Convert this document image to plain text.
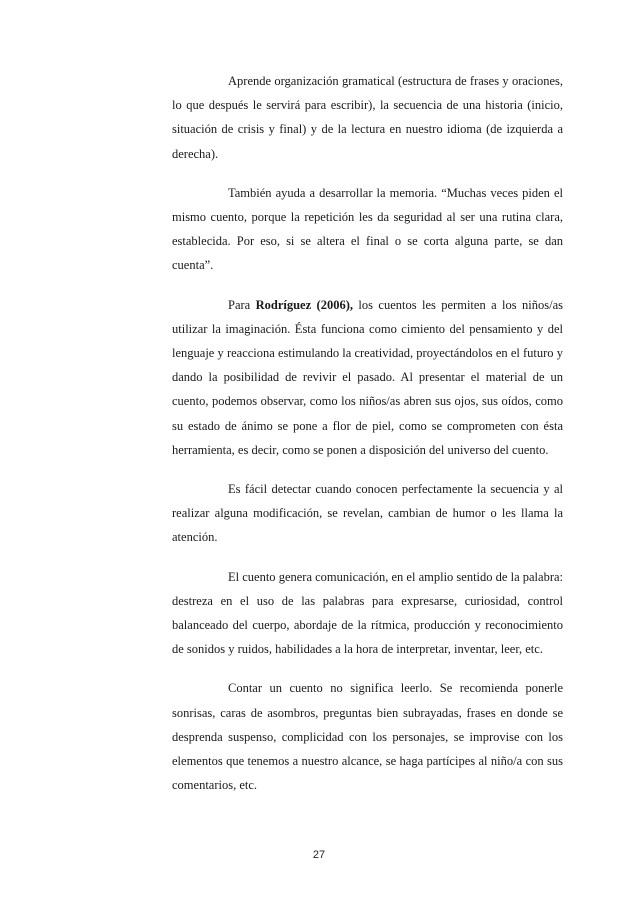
Aprende organización gramatical (estructura de frases y oraciones, lo que después le servirá para escribir), la secuencia de una historia (inicio, situación de crisis y final) y de la lectura en nuestro idioma (de izquierda a derecha).

También ayuda a desarrollar la memoria. “Muchas veces piden el mismo cuento, porque la repetición les da seguridad al ser una rutina clara, establecida. Por eso, si se altera el final o se corta alguna parte, se dan cuenta”.

Para Rodríguez (2006), los cuentos les permiten a los niños/as utilizar la imaginación. Ésta funciona como cimiento del pensamiento y del lenguaje y reacciona estimulando la creatividad, proyectándolos en el futuro y dando la posibilidad de revivir el pasado. Al presentar el material de un cuento, podemos observar, como los niños/as abren sus ojos, sus oídos, como su estado de ánimo se pone a flor de piel, como se comprometen con ésta herramienta, es decir, como se ponen a disposición del universo del cuento.

Es fácil detectar cuando conocen perfectamente la secuencia y al realizar alguna modificación, se revelan, cambian de humor o les llama la atención.

El cuento genera comunicación, en el amplio sentido de la palabra: destreza en el uso de las palabras para expresarse, curiosidad, control balanceado del cuerpo, abordaje de la rítmica, producción y reconocimiento de sonidos y ruidos, habilidades a la hora de interpretar, inventar, leer, etc.

Contar un cuento no significa leerlo. Se recomienda ponerle sonrisas, caras de asombros, preguntas bien subrayadas, frases en donde se desprenda suspenso, complicidad con los personajes, se improvise con los elementos que tenemos a nuestro alcance, se haga partícipes al niño/a con sus comentarios, etc.

27
